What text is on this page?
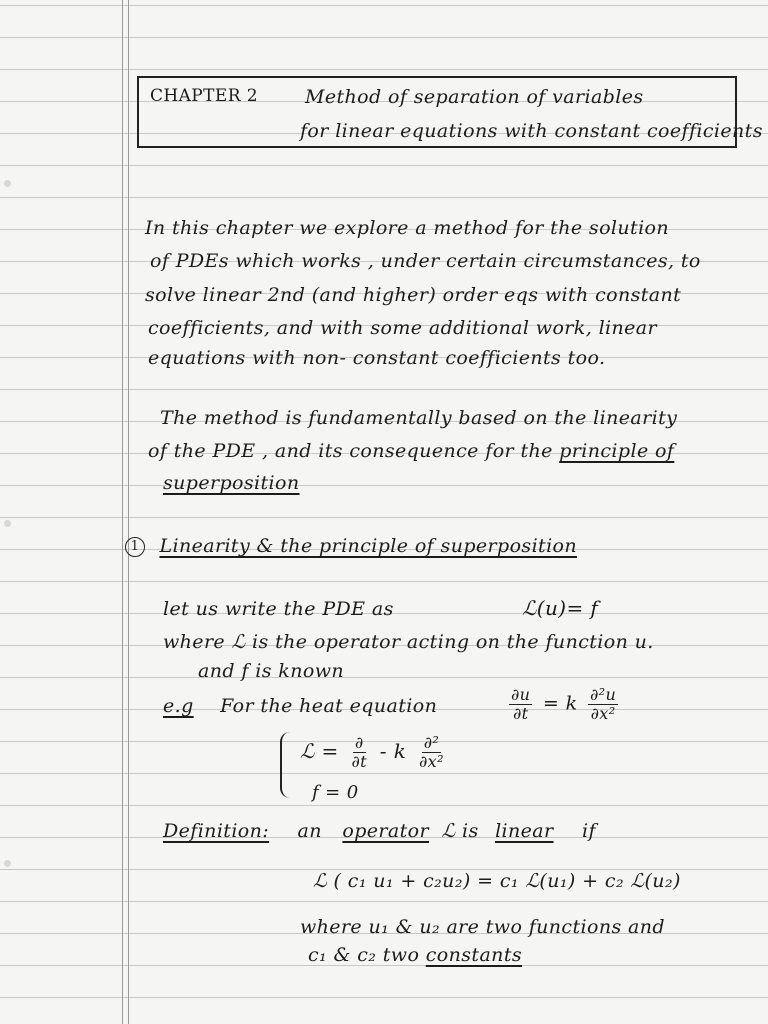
CHAPTER 2 Method of separation of variables
for linear equations with constant coefficients
In this chapter we explore a method for the solution
of PDEs which works , under certain circumstances, to
solve linear 2nd (and higher) order eqs with constant
coefficients, and with some additional work, linear
equations with non- constant coefficients too.
The method is fundamentally based on the linearity
of the PDE , and its consequence for the principle of
superposition
1 Linearity & the principle of superposition
let us write the PDE as	ℒ(u)= f
where ℒ is the operator acting on the function u.
and f is known
e.g For the heat equation	$\frac{\partial u}{\partial t} = k \frac{\text{∂²u}}{\text{∂x²}}$
ℒ = $\frac{\partial}{\partial t}$ - k $\frac{\text{∂²}}{\text{∂x²}}$
f = 0
Definition: an operator ℒ is linear if
ℒ ( c₁ u₁ + c₂u₂) = c₁ ℒ(u₁) + c₂ ℒ(u₂)
where u₁ & u₂ are two functions and
c₁ & c₂ two constants
